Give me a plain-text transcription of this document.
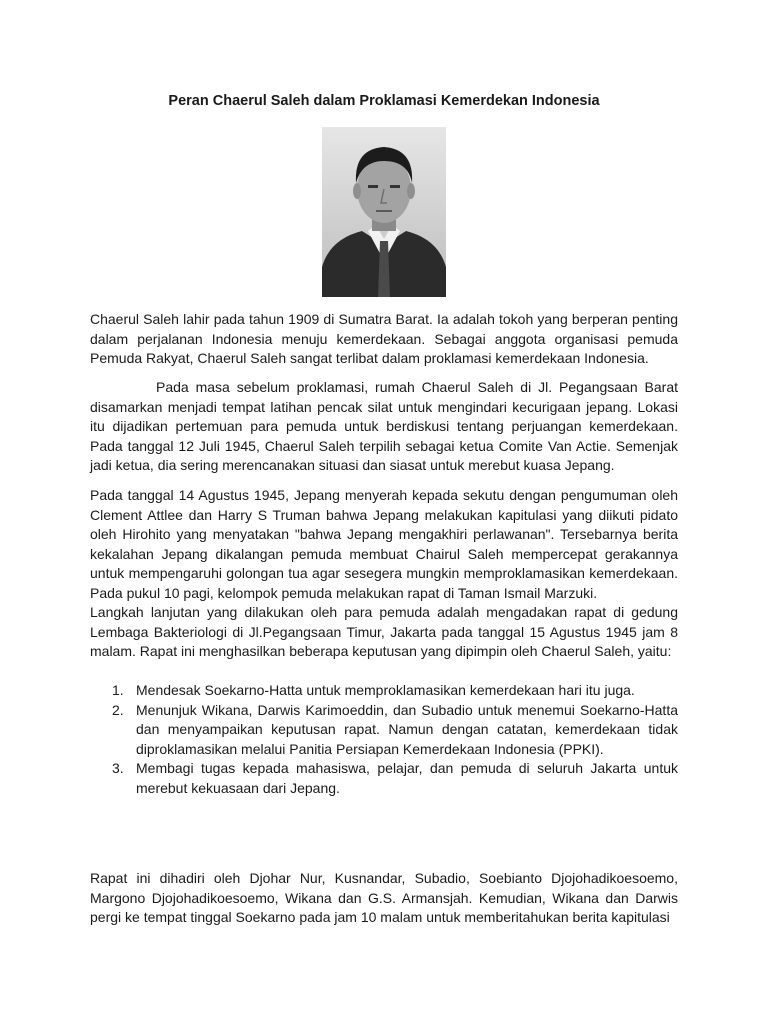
Peran Chaerul Saleh dalam Proklamasi Kemerdekan Indonesia

Chaerul Saleh lahir pada tahun 1909 di Sumatra Barat. Ia adalah tokoh yang berperan penting dalam perjalanan Indonesia menuju kemerdekaan. Sebagai anggota organisasi pemuda Pemuda Rakyat, Chaerul Saleh sangat terlibat dalam proklamasi kemerdekaan Indonesia.

Pada masa sebelum proklamasi, rumah Chaerul Saleh di Jl. Pegangsaan Barat disamarkan menjadi tempat latihan pencak silat untuk mengindari kecurigaan jepang. Lokasi itu dijadikan pertemuan para pemuda untuk berdiskusi tentang perjuangan kemerdekaan. Pada tanggal 12 Juli 1945, Chaerul Saleh terpilih sebagai ketua Comite Van Actie. Semenjak jadi ketua, dia sering merencanakan situasi dan siasat untuk merebut kuasa Jepang.

Pada tanggal 14 Agustus 1945, Jepang menyerah kepada sekutu dengan pengumuman oleh Clement Attlee dan Harry S Truman bahwa Jepang melakukan kapitulasi yang diikuti pidato oleh Hirohito yang menyatakan "bahwa Jepang mengakhiri perlawanan". Tersebarnya berita kekalahan Jepang dikalangan pemuda membuat Chairul Saleh mempercepat gerakannya untuk mempengaruhi golongan tua agar sesegera mungkin memproklamasikan kemerdekaan. Pada pukul 10 pagi, kelompok pemuda melakukan rapat di Taman Ismail Marzuki.

Langkah lanjutan yang dilakukan oleh para pemuda adalah mengadakan rapat di gedung Lembaga Bakteriologi di Jl.Pegangsaan Timur, Jakarta pada tanggal 15 Agustus 1945 jam 8 malam. Rapat ini menghasilkan beberapa keputusan yang dipimpin oleh Chaerul Saleh, yaitu:

1. Mendesak Soekarno-Hatta untuk memproklamasikan kemerdekaan hari itu juga.
2. Menunjuk Wikana, Darwis Karimoeddin, dan Subadio untuk menemui Soekarno-Hatta dan menyampaikan keputusan rapat. Namun dengan catatan, kemerdekaan tidak diproklamasikan melalui Panitia Persiapan Kemerdekaan Indonesia (PPKI).
3. Membagi tugas kepada mahasiswa, pelajar, dan pemuda di seluruh Jakarta untuk merebut kekuasaan dari Jepang.

Rapat ini dihadiri oleh Djohar Nur, Kusnandar, Subadio, Soebianto Djojohadikoesoemo, Margono Djojohadikoesoemo, Wikana dan G.S. Armansjah. Kemudian, Wikana dan Darwis pergi ke tempat tinggal Soekarno pada jam 10 malam untuk memberitahukan berita kapitulasi
